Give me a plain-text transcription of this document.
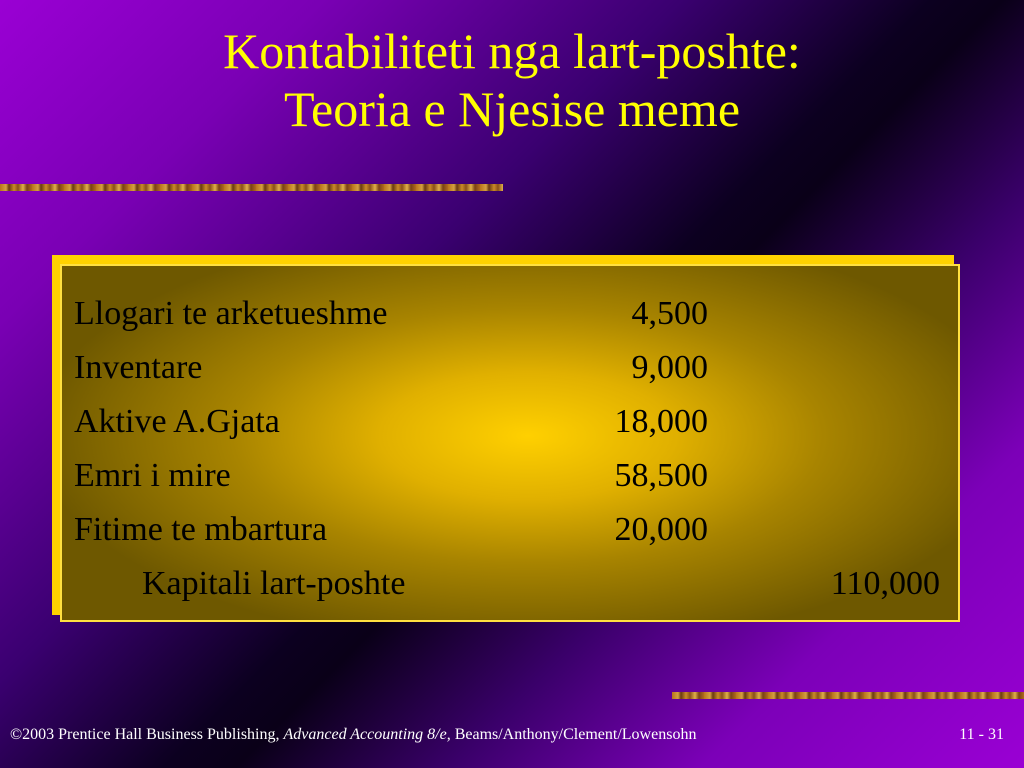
Kontabiliteti nga lart-poshte:
Teoria e Njesise meme
Llogari te arketueshme	4,500
Inventare	9,000
Aktive A.Gjata	18,000
Emri i mire	58,500
Fitime te mbartura	20,000
Kapitali lart-poshte	110,000
©2003 Prentice Hall Business Publishing, Advanced Accounting 8/e, Beams/Anthony/Clement/Lowensohn	11 - 31
